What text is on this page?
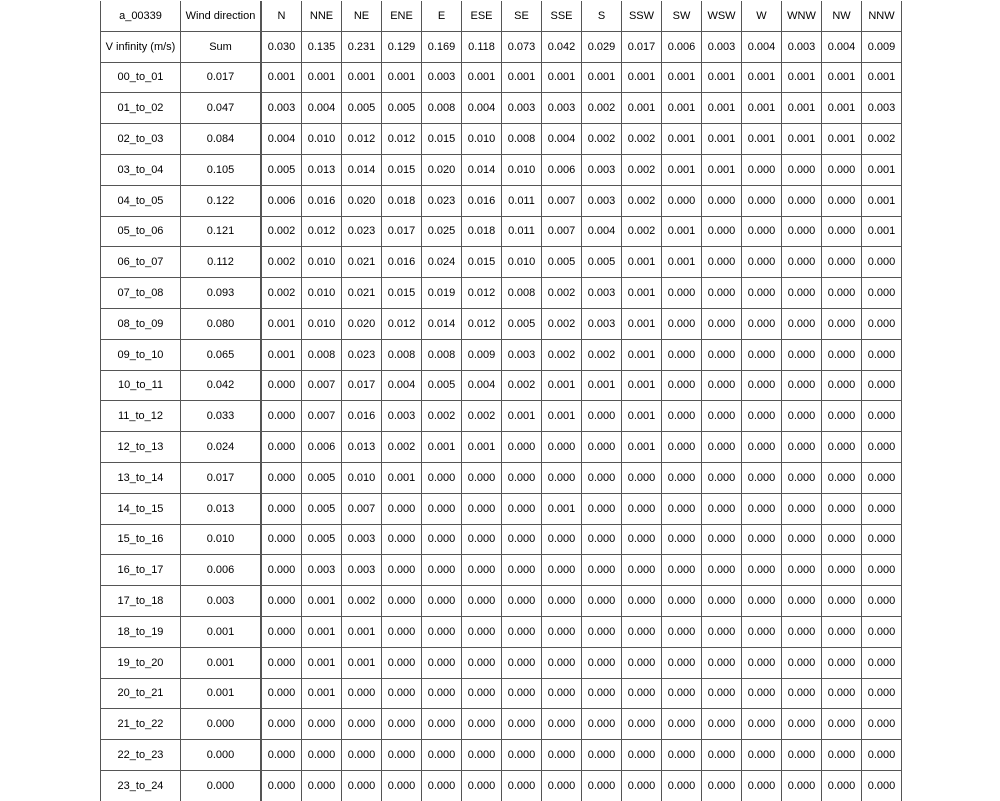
a_00339	Wind direction	N	NNE	NE	ENE	E	ESE	SE	SSE	S	SSW	SW	WSW	W	WNW	NW	NNW
V infinity (m/s)	Sum	0.030	0.135	0.231	0.129	0.169	0.118	0.073	0.042	0.029	0.017	0.006	0.003	0.004	0.003	0.004	0.009
00_to_01	0.017	0.001	0.001	0.001	0.001	0.003	0.001	0.001	0.001	0.001	0.001	0.001	0.001	0.001	0.001	0.001	0.001
01_to_02	0.047	0.003	0.004	0.005	0.005	0.008	0.004	0.003	0.003	0.002	0.001	0.001	0.001	0.001	0.001	0.001	0.003
02_to_03	0.084	0.004	0.010	0.012	0.012	0.015	0.010	0.008	0.004	0.002	0.002	0.001	0.001	0.001	0.001	0.001	0.002
03_to_04	0.105	0.005	0.013	0.014	0.015	0.020	0.014	0.010	0.006	0.003	0.002	0.001	0.001	0.000	0.000	0.000	0.001
04_to_05	0.122	0.006	0.016	0.020	0.018	0.023	0.016	0.011	0.007	0.003	0.002	0.000	0.000	0.000	0.000	0.000	0.001
05_to_06	0.121	0.002	0.012	0.023	0.017	0.025	0.018	0.011	0.007	0.004	0.002	0.001	0.000	0.000	0.000	0.000	0.001
06_to_07	0.112	0.002	0.010	0.021	0.016	0.024	0.015	0.010	0.005	0.005	0.001	0.001	0.000	0.000	0.000	0.000	0.000
07_to_08	0.093	0.002	0.010	0.021	0.015	0.019	0.012	0.008	0.002	0.003	0.001	0.000	0.000	0.000	0.000	0.000	0.000
08_to_09	0.080	0.001	0.010	0.020	0.012	0.014	0.012	0.005	0.002	0.003	0.001	0.000	0.000	0.000	0.000	0.000	0.000
09_to_10	0.065	0.001	0.008	0.023	0.008	0.008	0.009	0.003	0.002	0.002	0.001	0.000	0.000	0.000	0.000	0.000	0.000
10_to_11	0.042	0.000	0.007	0.017	0.004	0.005	0.004	0.002	0.001	0.001	0.001	0.000	0.000	0.000	0.000	0.000	0.000
11_to_12	0.033	0.000	0.007	0.016	0.003	0.002	0.002	0.001	0.001	0.000	0.001	0.000	0.000	0.000	0.000	0.000	0.000
12_to_13	0.024	0.000	0.006	0.013	0.002	0.001	0.001	0.000	0.000	0.000	0.001	0.000	0.000	0.000	0.000	0.000	0.000
13_to_14	0.017	0.000	0.005	0.010	0.001	0.000	0.000	0.000	0.000	0.000	0.000	0.000	0.000	0.000	0.000	0.000	0.000
14_to_15	0.013	0.000	0.005	0.007	0.000	0.000	0.000	0.000	0.001	0.000	0.000	0.000	0.000	0.000	0.000	0.000	0.000
15_to_16	0.010	0.000	0.005	0.003	0.000	0.000	0.000	0.000	0.000	0.000	0.000	0.000	0.000	0.000	0.000	0.000	0.000
16_to_17	0.006	0.000	0.003	0.003	0.000	0.000	0.000	0.000	0.000	0.000	0.000	0.000	0.000	0.000	0.000	0.000	0.000
17_to_18	0.003	0.000	0.001	0.002	0.000	0.000	0.000	0.000	0.000	0.000	0.000	0.000	0.000	0.000	0.000	0.000	0.000
18_to_19	0.001	0.000	0.001	0.001	0.000	0.000	0.000	0.000	0.000	0.000	0.000	0.000	0.000	0.000	0.000	0.000	0.000
19_to_20	0.001	0.000	0.001	0.001	0.000	0.000	0.000	0.000	0.000	0.000	0.000	0.000	0.000	0.000	0.000	0.000	0.000
20_to_21	0.001	0.000	0.001	0.000	0.000	0.000	0.000	0.000	0.000	0.000	0.000	0.000	0.000	0.000	0.000	0.000	0.000
21_to_22	0.000	0.000	0.000	0.000	0.000	0.000	0.000	0.000	0.000	0.000	0.000	0.000	0.000	0.000	0.000	0.000	0.000
22_to_23	0.000	0.000	0.000	0.000	0.000	0.000	0.000	0.000	0.000	0.000	0.000	0.000	0.000	0.000	0.000	0.000	0.000
23_to_24	0.000	0.000	0.000	0.000	0.000	0.000	0.000	0.000	0.000	0.000	0.000	0.000	0.000	0.000	0.000	0.000	0.000
